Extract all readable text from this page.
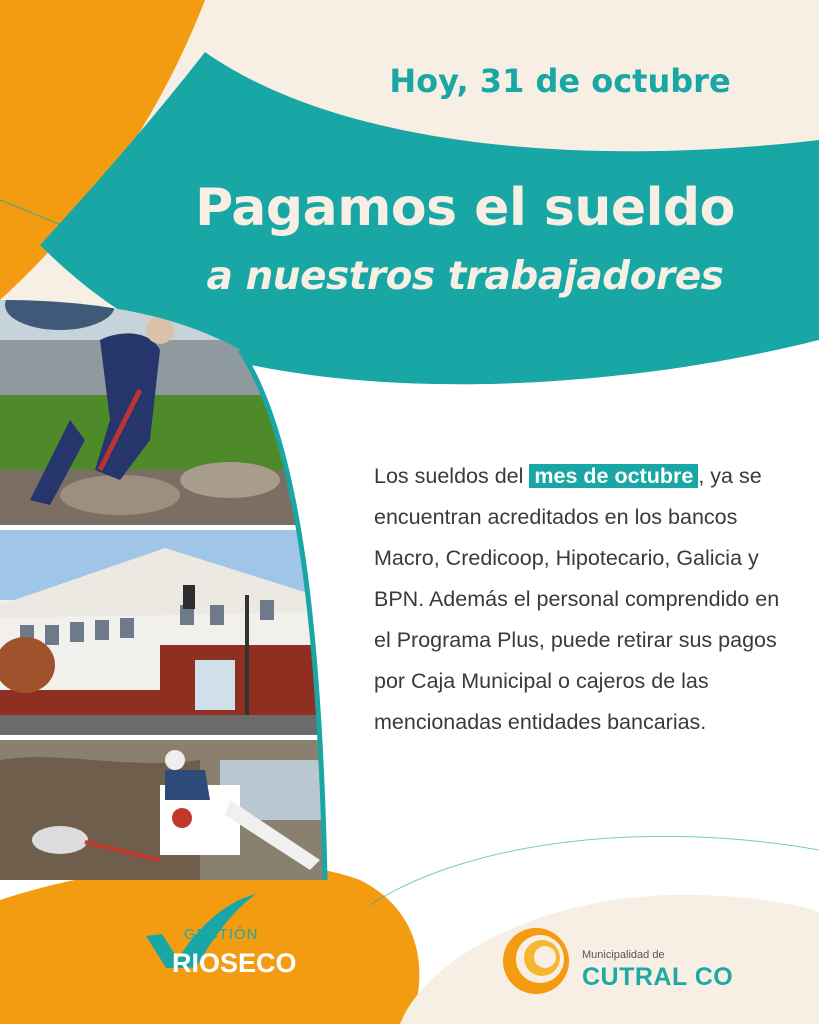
Hoy, 31 de octubre
Pagamos el sueldo
a nuestros trabajadores
Los sueldos del mes de octubre , ya se encuentran acreditados en los bancos Macro, Credicoop, Hipotecario, Galicia y BPN. Además el personal comprendido en el Programa Plus, puede retirar sus pagos por Caja Municipal o cajeros de las mencionadas entidades bancarias.
GESTIÓN
RIOSECO	Municipalidad de
CUTRAL CO
